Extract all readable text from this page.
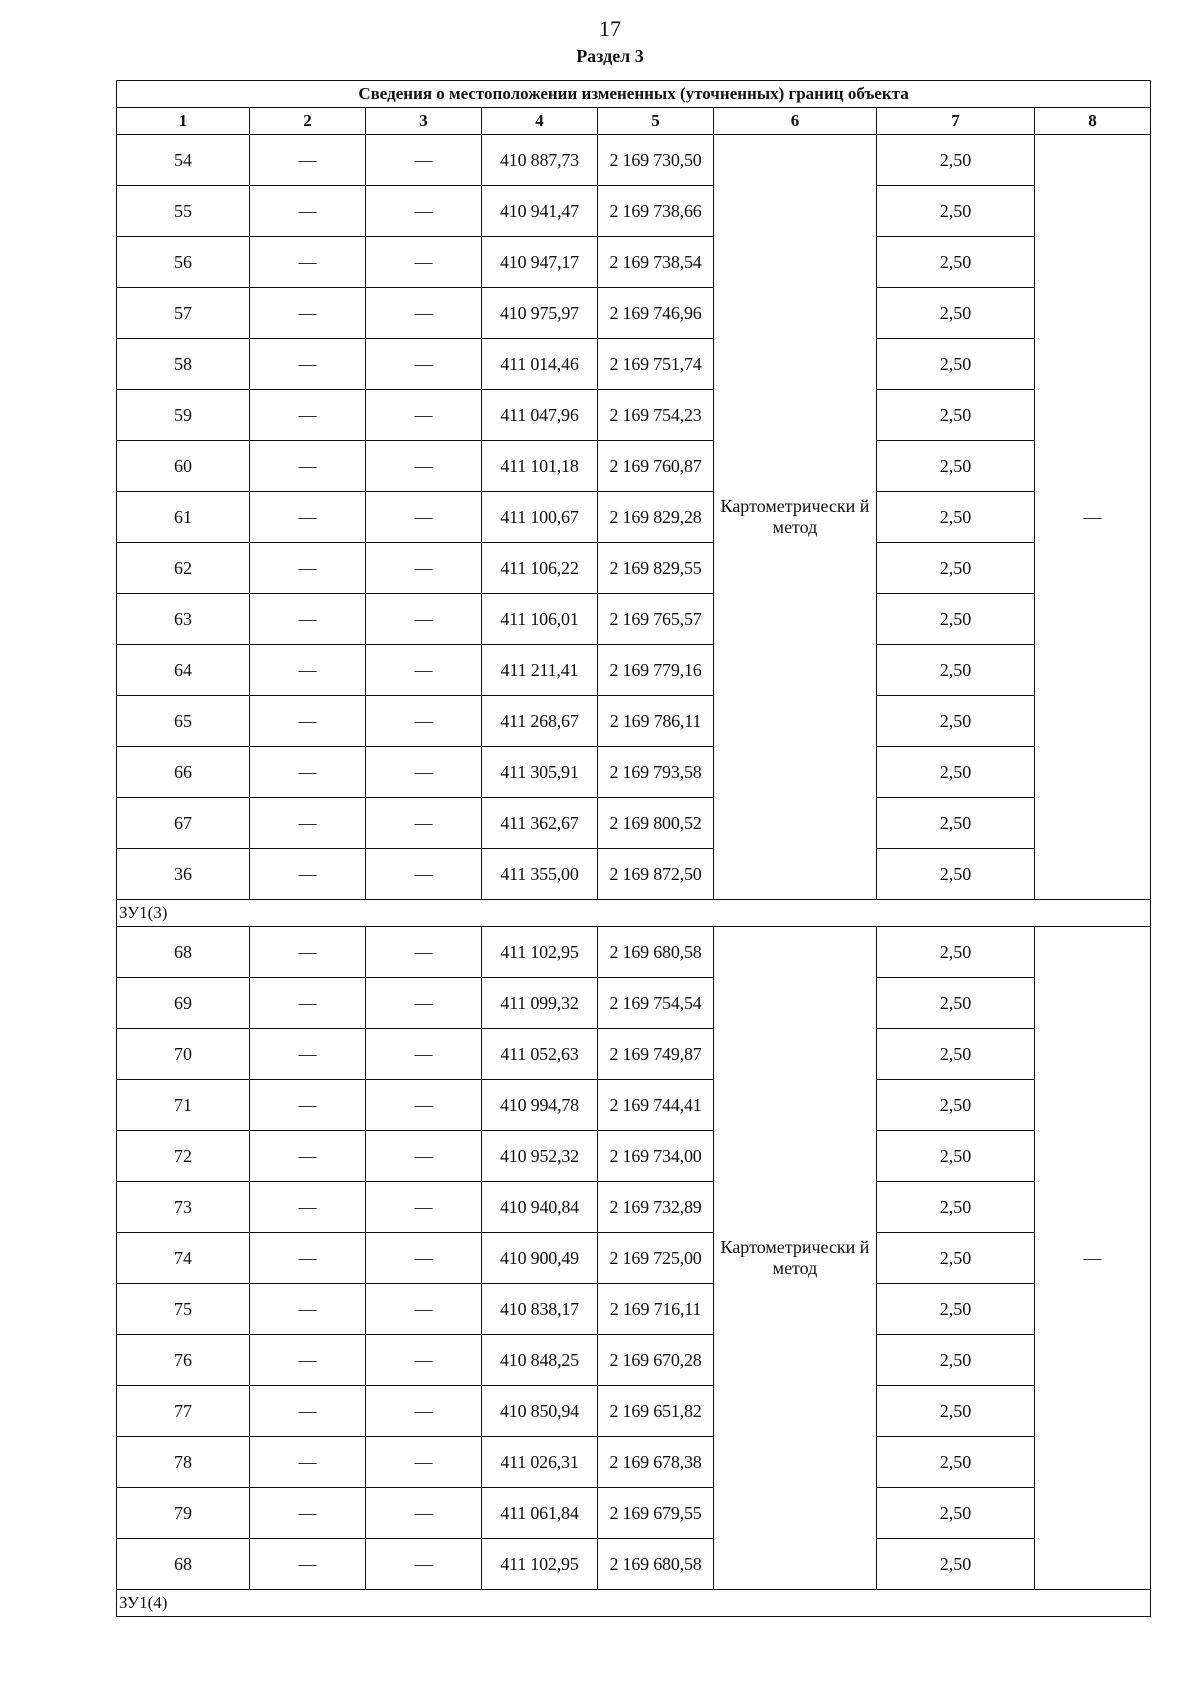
17
Раздел 3
Сведения о местоположении измененных (уточненных) границ объекта							
1	2	3	4	5	6	7	8
54	—	—	410 887,73	2 169 730,50	Картометрически й метод	2,50	—
55	—	—	410 941,47	2 169 738,66		2,50	
56	—	—	410 947,17	2 169 738,54		2,50	
57	—	—	410 975,97	2 169 746,96		2,50	
58	—	—	411 014,46	2 169 751,74		2,50	
59	—	—	411 047,96	2 169 754,23		2,50	
60	—	—	411 101,18	2 169 760,87		2,50	
61	—	—	411 100,67	2 169 829,28		2,50	
62	—	—	411 106,22	2 169 829,55		2,50	
63	—	—	411 106,01	2 169 765,57		2,50	
64	—	—	411 211,41	2 169 779,16		2,50	
65	—	—	411 268,67	2 169 786,11		2,50	
66	—	—	411 305,91	2 169 793,58		2,50	
67	—	—	411 362,67	2 169 800,52		2,50	
36	—	—	411 355,00	2 169 872,50		2,50	
ЗУ1(3)							
68	—	—	411 102,95	2 169 680,58	Картометрически й метод	2,50	—
69	—	—	411 099,32	2 169 754,54		2,50	
70	—	—	411 052,63	2 169 749,87		2,50	
71	—	—	410 994,78	2 169 744,41		2,50	
72	—	—	410 952,32	2 169 734,00		2,50	
73	—	—	410 940,84	2 169 732,89		2,50	
74	—	—	410 900,49	2 169 725,00		2,50	
75	—	—	410 838,17	2 169 716,11		2,50	
76	—	—	410 848,25	2 169 670,28		2,50	
77	—	—	410 850,94	2 169 651,82		2,50	
78	—	—	411 026,31	2 169 678,38		2,50	
79	—	—	411 061,84	2 169 679,55		2,50	
68	—	—	411 102,95	2 169 680,58		2,50	
ЗУ1(4)							
